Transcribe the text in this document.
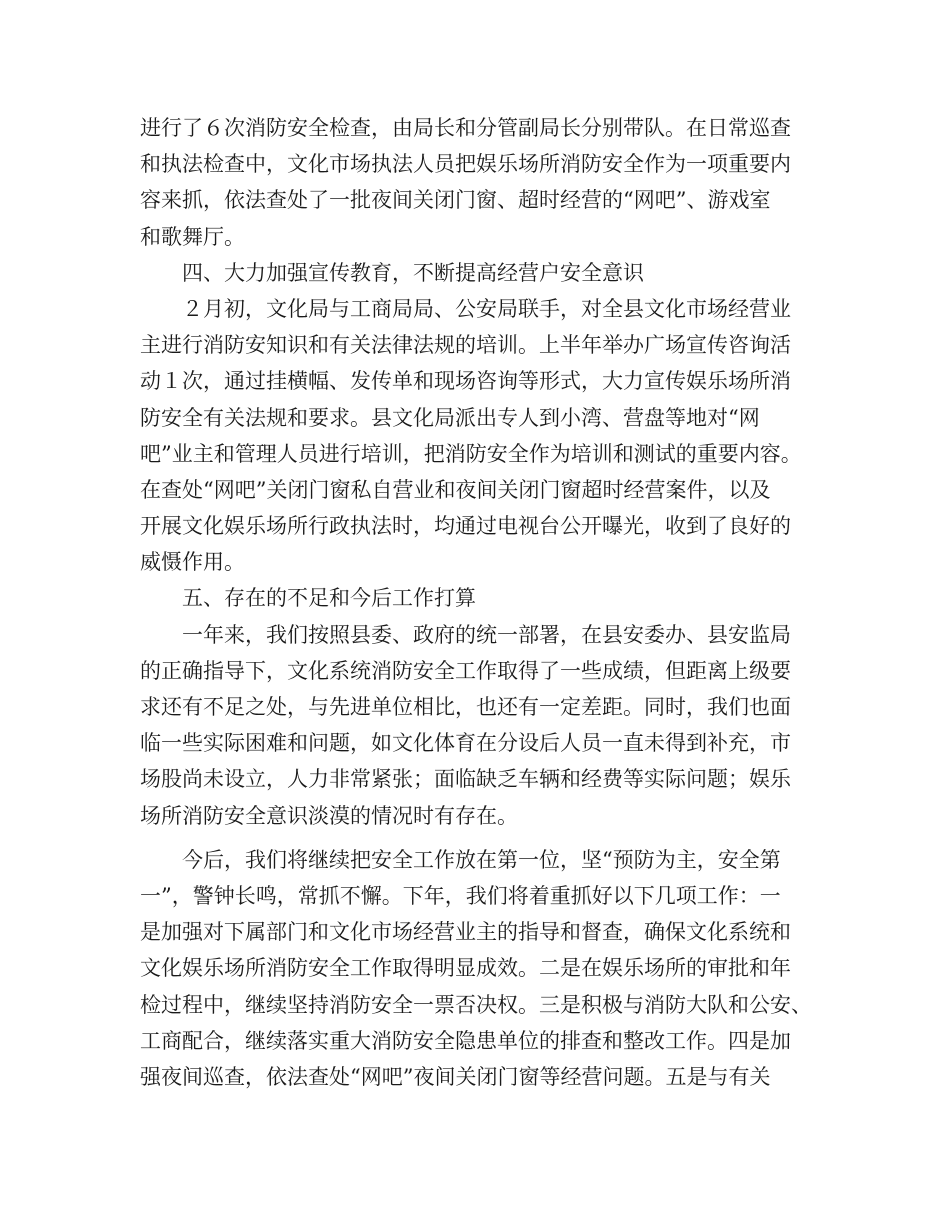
进行了６次消防安全检查，由局长和分管副局长分别带队。在日常巡查
和执法检查中，文化市场执法人员把娱乐场所消防安全作为一项重要内
容来抓，依法查处了一批夜间关闭门窗、超时经营的“网吧”、游戏室
和歌舞厅。
　　四、大力加强宣传教育，不断提高经营户安全意识
　　２月初，文化局与工商局局、公安局联手，对全县文化市场经营业
主进行消防安知识和有关法律法规的培训。上半年举办广场宣传咨询活
动１次，通过挂横幅、发传单和现场咨询等形式，大力宣传娱乐场所消
防安全有关法规和要求。县文化局派出专人到小湾、营盘等地对“网
吧”业主和管理人员进行培训，把消防安全作为培训和测试的重要内容。
在查处“网吧”关闭门窗私自营业和夜间关闭门窗超时经营案件，以及
开展文化娱乐场所行政执法时，均通过电视台公开曝光，收到了良好的
威慑作用。
　　五、存在的不足和今后工作打算
　　一年来，我们按照县委、政府的统一部署，在县安委办、县安监局
的正确指导下，文化系统消防安全工作取得了一些成绩，但距离上级要
求还有不足之处，与先进单位相比，也还有一定差距。同时，我们也面
临一些实际困难和问题，如文化体育在分设后人员一直未得到补充，市
场股尚未设立，人力非常紧张；面临缺乏车辆和经费等实际问题；娱乐
场所消防安全意识淡漠的情况时有存在。
　　今后，我们将继续把安全工作放在第一位，坚“预防为主，安全第
一”，警钟长鸣，常抓不懈。下年，我们将着重抓好以下几项工作：一
是加强对下属部门和文化市场经营业主的指导和督查，确保文化系统和
文化娱乐场所消防安全工作取得明显成效。二是在娱乐场所的审批和年
检过程中，继续坚持消防安全一票否决权。三是积极与消防大队和公安、
工商配合，继续落实重大消防安全隐患单位的排查和整改工作。四是加
强夜间巡查，依法查处“网吧”夜间关闭门窗等经营问题。五是与有关
